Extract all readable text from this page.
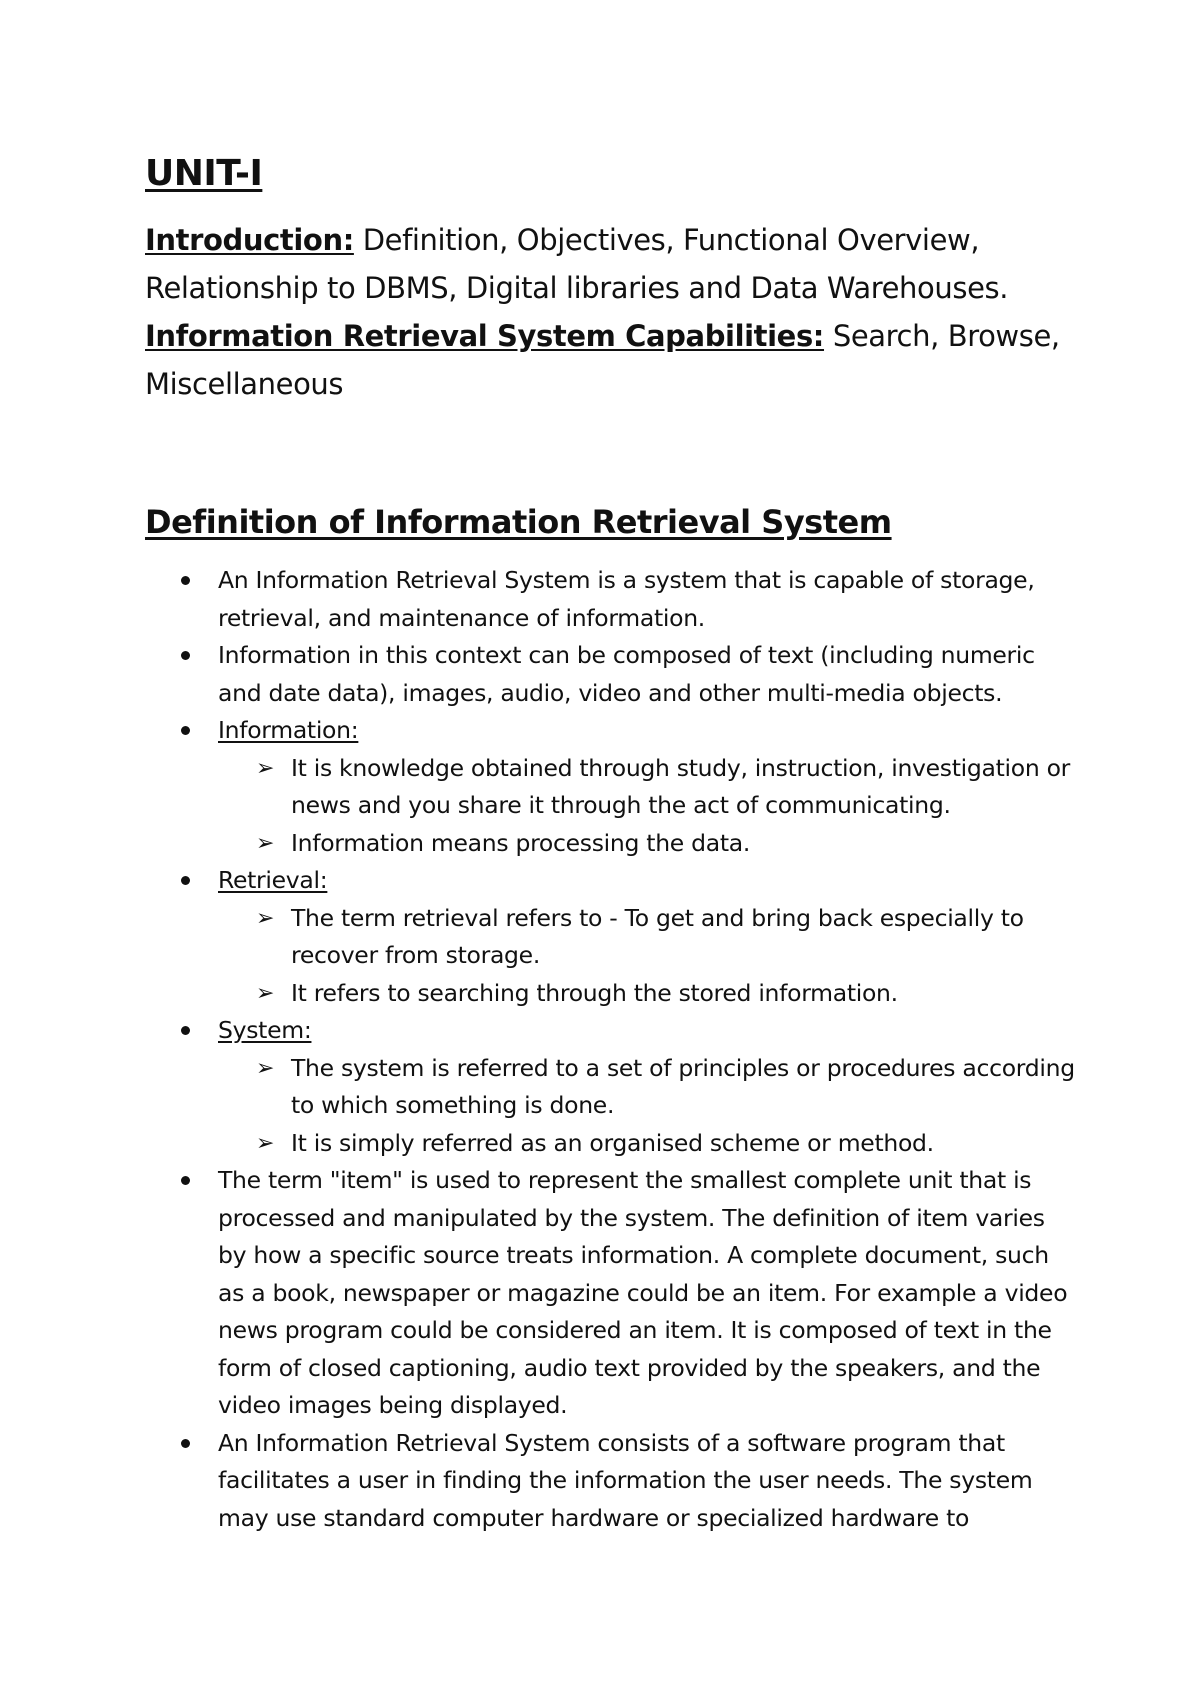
UNIT-I

Introduction: Definition, Objectives, Functional Overview, Relationship to DBMS, Digital libraries and Data Warehouses.

Information Retrieval System Capabilities: Search, Browse, Miscellaneous

Definition of Information Retrieval System
An Information Retrieval System is a system that is capable of storage, retrieval, and maintenance of information.
Information in this context can be composed of text (including numeric and date data), images, audio, video and other multi-media objects.
Information:
➢ It is knowledge obtained through study, instruction, investigation or news and you share it through the act of communicating.
➢ Information means processing the data.
Retrieval:
➢ The term retrieval refers to - To get and bring back especially to recover from storage.
➢ It refers to searching through the stored information.
System:
➢ The system is referred to a set of principles or procedures according to which something is done.
➢ It is simply referred as an organised scheme or method.
The term "item" is used to represent the smallest complete unit that is processed and manipulated by the system. The definition of item varies by how a specific source treats information. A complete document, such as a book, newspaper or magazine could be an item. For example a video news program could be considered an item. It is composed of text in the form of closed captioning, audio text provided by the speakers, and the video images being displayed.
An Information Retrieval System consists of a software program that facilitates a user in finding the information the user needs. The system may use standard computer hardware or specialized hardware to
